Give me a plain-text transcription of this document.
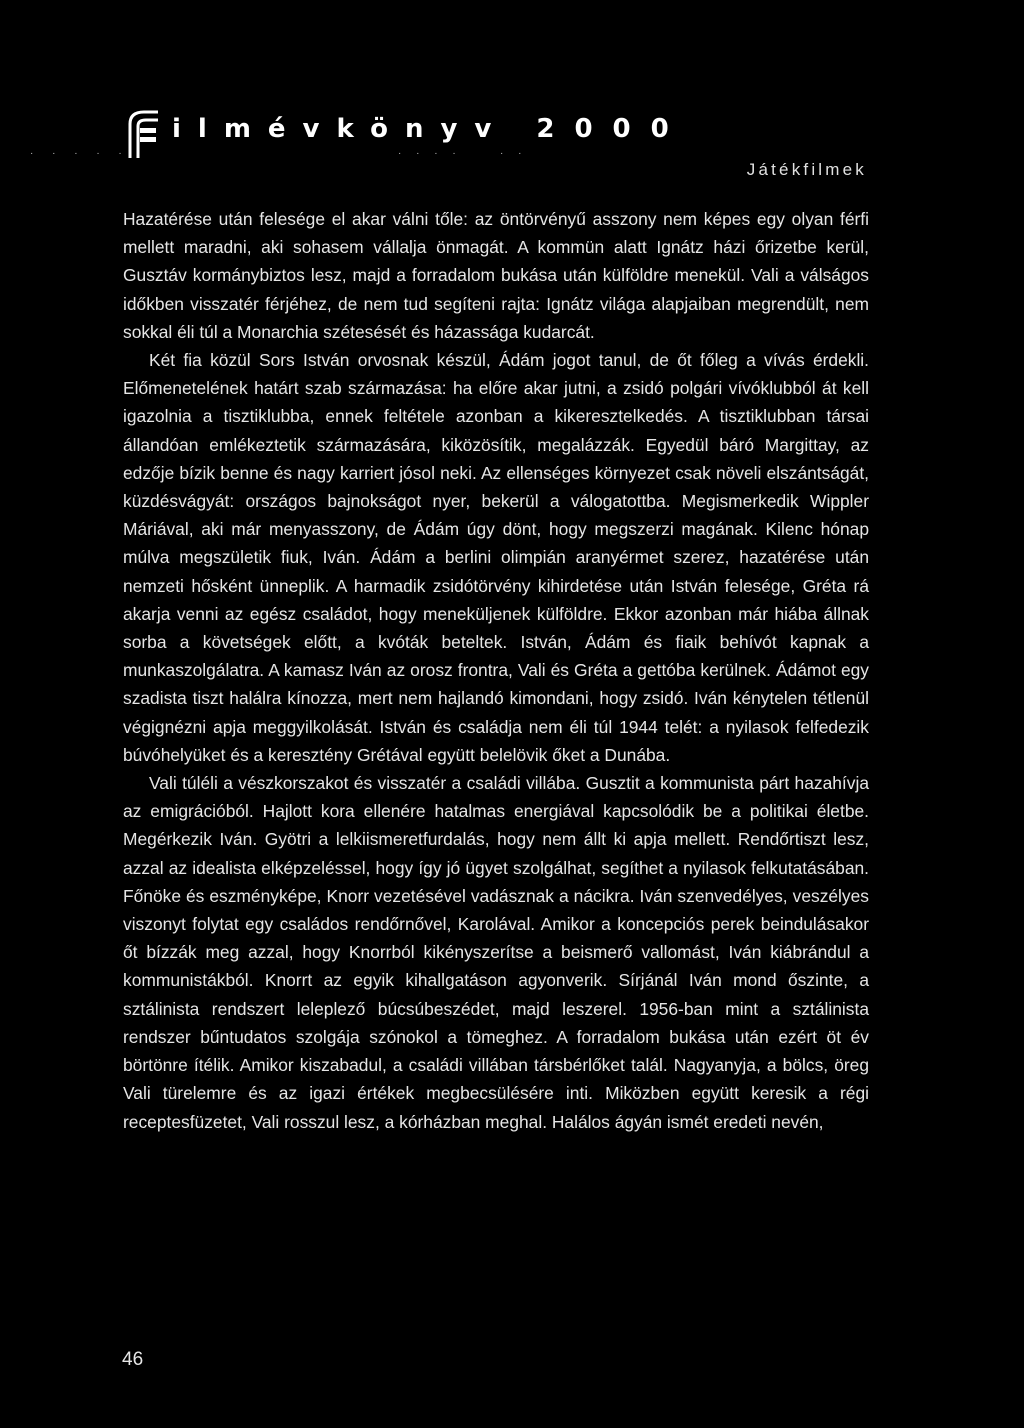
· · · · ·
ilmévkönyv 2000
· · · ·	· ·
Játékfilmek

Hazatérése után felesége el akar válni tőle: az öntörvényű asszony nem képes egy olyan férfi mellett maradni, aki sohasem vállalja önmagát. A kommün alatt Ignátz házi őrizetbe kerül, Gusztáv kormánybiztos lesz, majd a forradalom bukása után külföldre menekül. Vali a válságos időkben visszatér férjéhez, de nem tud segíteni rajta: Ignátz világa alapjaiban megrendült, nem sokkal éli túl a Monarchia szétesését és házassága kudarcát.

Két fia közül Sors István orvosnak készül, Ádám jogot tanul, de őt főleg a vívás érdekli. Előmenetelének határt szab származása: ha előre akar jutni, a zsidó polgári vívóklubból át kell igazolnia a tisztiklubba, ennek feltétele azonban a kikeresztelkedés. A tisztiklubban társai állandóan emlékeztetik származására, kiközösítik, megalázzák. Egyedül báró Margittay, az edzője bízik benne és nagy karriert jósol neki. Az ellenséges környezet csak növeli elszántságát, küzdésvágyát: országos bajnokságot nyer, bekerül a válogatottba. Megismerkedik Wippler Máriával, aki már menyasszony, de Ádám úgy dönt, hogy megszerzi magának. Kilenc hónap múlva megszületik fiuk, Iván. Ádám a berlini olimpián aranyérmet szerez, hazatérése után nemzeti hősként ünneplik. A harmadik zsidótörvény kihirdetése után István felesége, Gréta rá akarja venni az egész családot, hogy meneküljenek külföldre. Ekkor azonban már hiába állnak sorba a követségek előtt, a kvóták beteltek. István, Ádám és fiaik behívót kapnak a munkaszolgálatra. A kamasz Iván az orosz frontra, Vali és Gréta a gettóba kerülnek. Ádámot egy szadista tiszt halálra kínozza, mert nem hajlandó kimondani, hogy zsidó. Iván kénytelen tétlenül végignézni apja meggyilkolását. István és családja nem éli túl 1944 telét: a nyilasok felfedezik búvóhelyüket és a keresztény Grétával együtt belelövik őket a Dunába.

Vali túléli a vészkorszakot és visszatér a családi villába. Gusztit a kommunista párt hazahívja az emigrációból. Hajlott kora ellenére hatalmas energiával kapcsolódik be a politikai életbe. Megérkezik Iván. Gyötri a lelkiismeretfurdalás, hogy nem állt ki apja mellett. Rendőrtiszt lesz, azzal az idealista elképzeléssel, hogy így jó ügyet szolgálhat, segíthet a nyilasok felkutatásában. Főnöke és eszményképe, Knorr vezetésével vadásznak a nácikra. Iván szenvedélyes, veszélyes viszonyt folytat egy családos rendőrnővel, Karolával. Amikor a koncepciós perek beindulásakor őt bízzák meg azzal, hogy Knorrból kikényszerítse a beismerő vallomást, Iván kiábrándul a kommunistákból. Knorrt az egyik kihallgatáson agyonverik. Sírjánál Iván mond őszinte, a sztálinista rendszert leleplező búcsúbeszédet, majd leszerel. 1956-ban mint a sztálinista rendszer bűntudatos szolgája szónokol a tömeghez. A forradalom bukása után ezért öt év börtönre ítélik. Amikor kiszabadul, a családi villában társbérlőket talál. Nagyanyja, a bölcs, öreg Vali türelemre és az igazi értékek megbecsülésére inti. Miközben együtt keresik a régi receptesfüzetet, Vali rosszul lesz, a kórházban meghal. Halálos ágyán ismét eredeti nevén,

46
